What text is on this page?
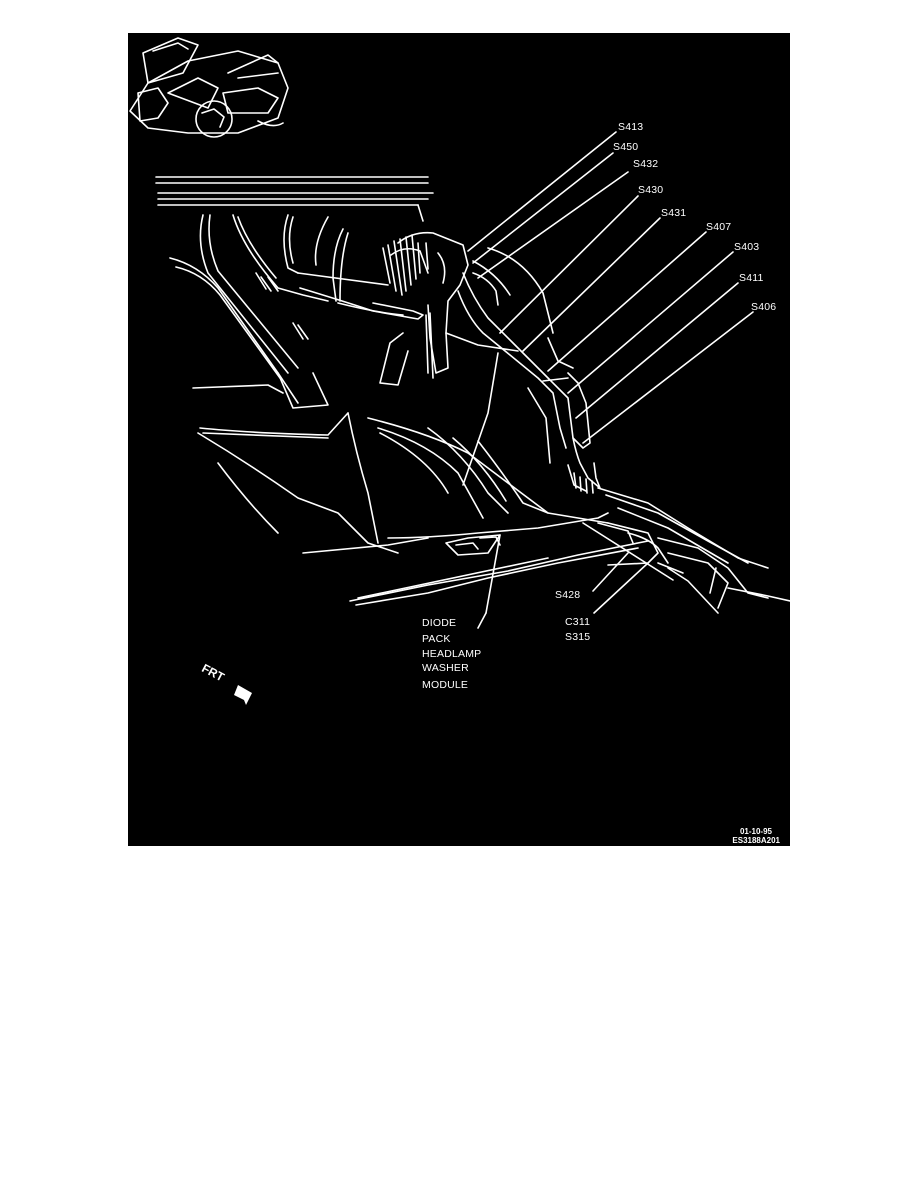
S413
S450
S432
S430
S431
S407
S403
S411
S406
S428
DIODE
PACK
HEADLAMP
WASHER
MODULE
C311
S315
FRT
01-10-95
ES3188A201
